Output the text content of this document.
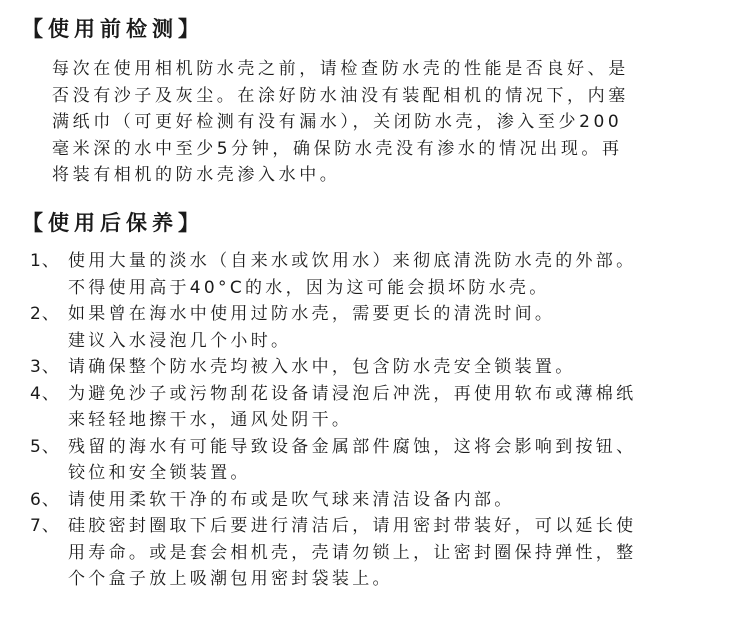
【使用前检测】
每次在使用相机防水壳之前，请检查防水壳的性能是否良好、是
否没有沙子及灰尘。在涂好防水油没有装配相机的情况下，内塞
满纸巾（可更好检测有没有漏水），关闭防水壳，渗入至少200
毫米深的水中至少5分钟，确保防水壳没有渗水的情况出现。再
将装有相机的防水壳渗入水中。
【使用后保养】
1、 使用大量的淡水（自来水或饮用水）来彻底清洗防水壳的外部。
不得使用高于40°C的水，因为这可能会损坏防水壳。
2、 如果曾在海水中使用过防水壳，需要更长的清洗时间。
建议入水浸泡几个小时。
3、 请确保整个防水壳均被入水中，包含防水壳安全锁装置。
4、 为避免沙子或污物刮花设备请浸泡后冲洗，再使用软布或薄棉纸
来轻轻地擦干水，通风处阴干。
5、 残留的海水有可能导致设备金属部件腐蚀，这将会影响到按钮、
铰位和安全锁装置。
6、 请使用柔软干净的布或是吹气球来清洁设备内部。
7、 硅胶密封圈取下后要进行清洁后，请用密封带装好，可以延长使
用寿命。或是套会相机壳，壳请勿锁上，让密封圈保持弹性，整
个个盒子放上吸潮包用密封袋装上。
